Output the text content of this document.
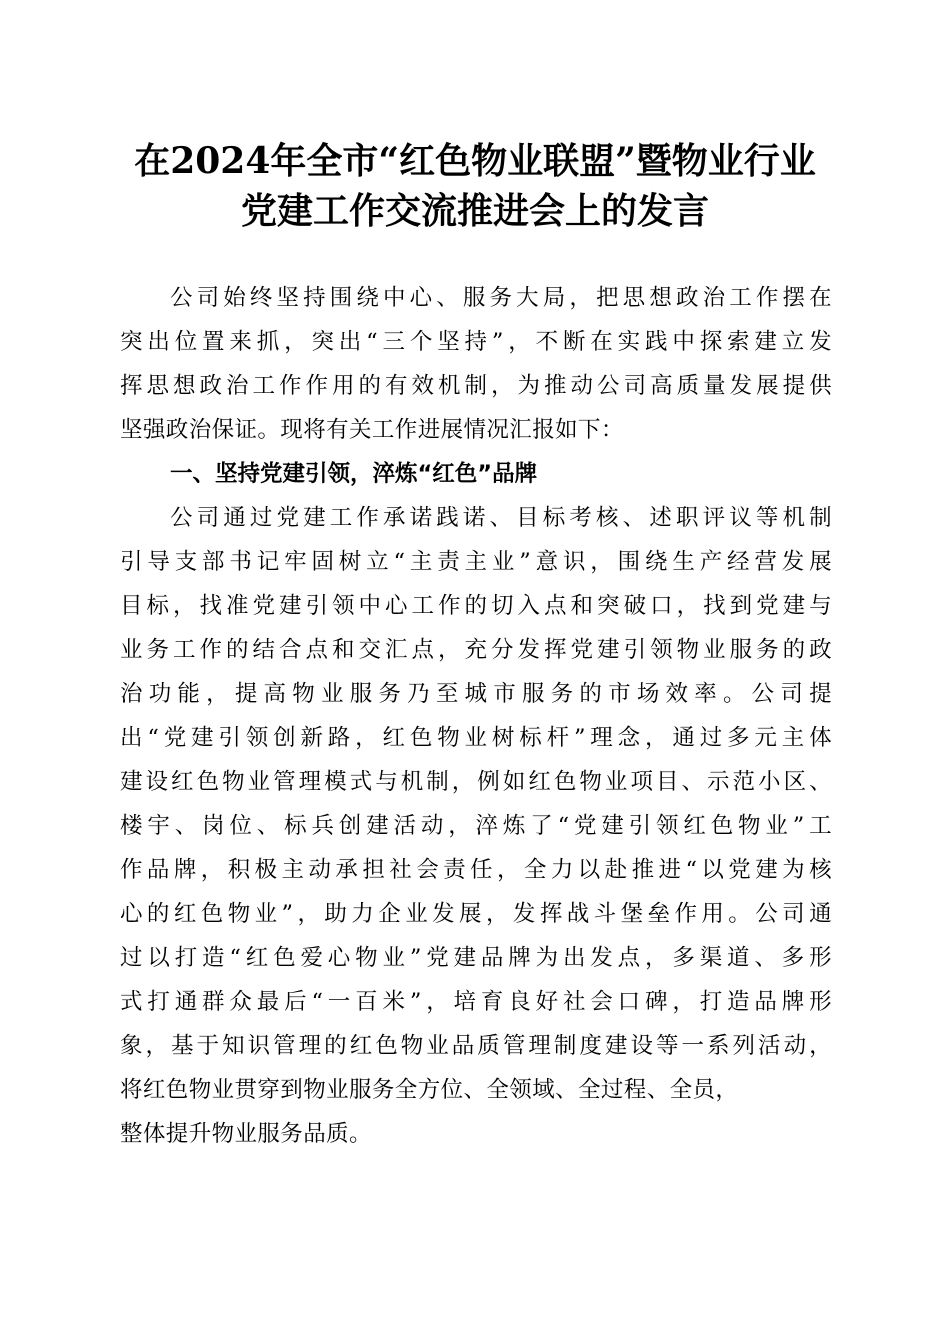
在2024年全市“红色物业联盟”暨物业行业
党建工作交流推进会上的发言
公司始终坚持围绕中心、服务大局，把思想政治工作摆在
突出位置来抓，突出“三个坚持”，不断在实践中探索建立发
挥思想政治工作作用的有效机制，为推动公司高质量发展提供
坚强政治保证。现将有关工作进展情况汇报如下：
一、坚持党建引领，淬炼“红色”品牌
公司通过党建工作承诺践诺、目标考核、述职评议等机制
引导支部书记牢固树立“主责主业”意识，围绕生产经营发展
目标，找准党建引领中心工作的切入点和突破口，找到党建与
业务工作的结合点和交汇点，充分发挥党建引领物业服务的政
治功能，提高物业服务乃至城市服务的市场效率。公司提
出“党建引领创新路，红色物业树标杆”理念，通过多元主体
建设红色物业管理模式与机制，例如红色物业项目、示范小区、
楼宇、岗位、标兵创建活动，淬炼了“党建引领红色物业”工
作品牌，积极主动承担社会责任，全力以赴推进“以党建为核
心的红色物业”，助力企业发展，发挥战斗堡垒作用。公司通
过以打造“红色爱心物业”党建品牌为出发点，多渠道、多形
式打通群众最后“一百米”，培育良好社会口碑，打造品牌形
象，基于知识管理的红色物业品质管理制度建设等一系列活动，
将红色物业贯穿到物业服务全方位、全领域、全过程、全员，
整体提升物业服务品质。
